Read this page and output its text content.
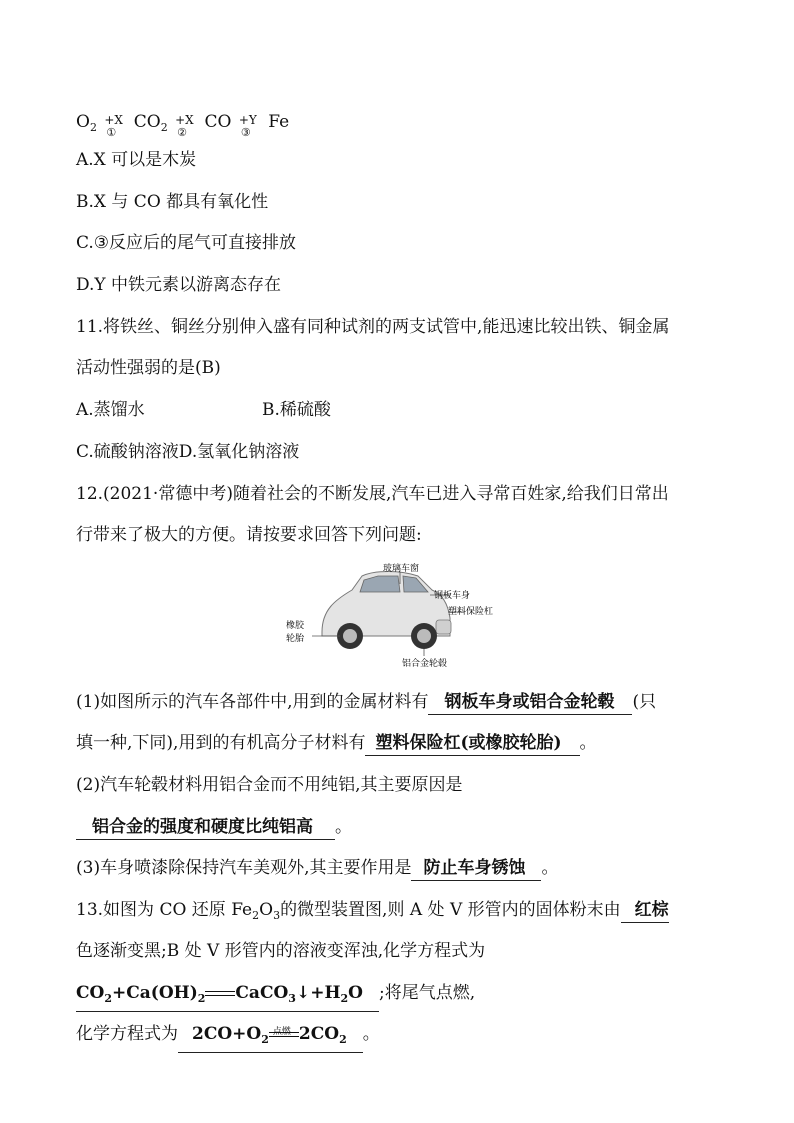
$O_2$
+X
①
$CO_2$
+X
②
CO +Y
③
Fe
A.X 可以是木炭
B.X 与 CO 都具有氧化性
C.③反应后的尾气可直接排放
D.Y 中铁元素以游离态存在
11.将铁丝、铜丝分别伸入盛有同种试剂的两支试管中,能迅速比较出铁、铜金属
活动性强弱的是(B)
A.蒸馏水	B.稀硫酸
C.硫酸钠溶液D.氢氧化钠溶液
12.(2021·常德中考)随着社会的不断发展,汽车已进入寻常百姓家,给我们日常出
行带来了极大的方便。请按要求回答下列问题:
玻璃车窗
钢板车身
塑料保险杠
橡胶
轮胎
铝合金轮毂
(1)如图所示的汽车各部件中,用到的金属材料有 钢板车身或铝合金轮毂 (只
填一种,下同),用到的有机高分子材料有 塑料保险杠(或橡胶轮胎) 。
(2)汽车轮毂材料用铝合金而不用纯铝,其主要原因是
铝合金的强度和硬度比纯铝高 。
(3)车身喷漆除保持汽车美观外,其主要作用是 防止车身锈蚀 。
13.如图为 CO 还原 $Fe_2O_3$的微型装置图,则 A 处 V 形管内的固体粉末由 红棕
色逐渐变黑;B 处 V 形管内的溶液变浑浊,化学方程式为
$CO_2+Ca(OH)_2$ $CaCO_3↓+H_2O$ ;将尾气点燃,
化学方程式为 $2CO+O_2$
点燃 $2CO_2$ 。
